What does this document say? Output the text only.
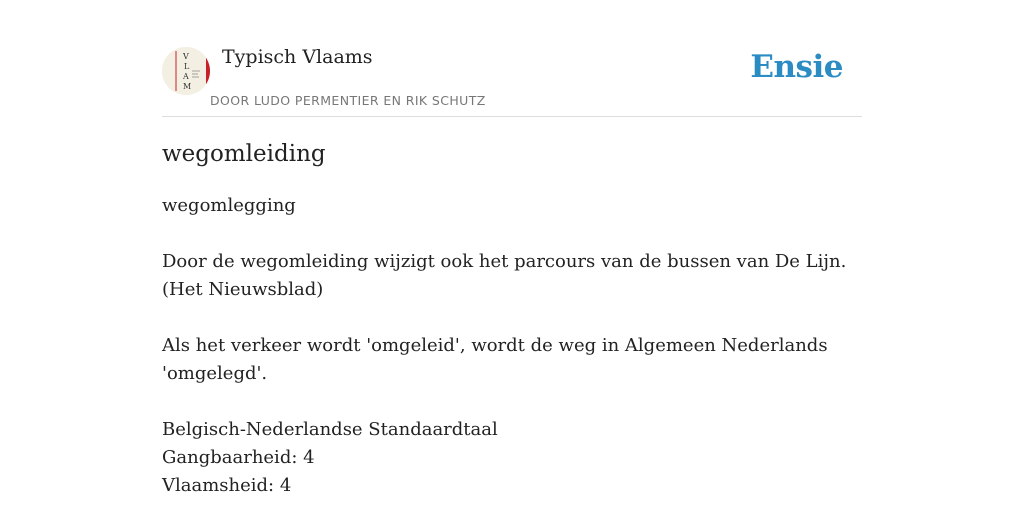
V
L
A
M
Typisch Vlaams
DOOR LUDO PERMENTIER EN RIK SCHUTZ
Ensie
wegomleiding

wegomlegging

Door de wegomleiding wijzigt ook het parcours van de bussen van De Lijn.
(Het Nieuwsblad)

Als het verkeer wordt 'omgeleid', wordt de weg in Algemeen Nederlands
'omgelegd'.

Belgisch-Nederlandse Standaardtaal
Gangbaarheid: 4
Vlaamsheid: 4
